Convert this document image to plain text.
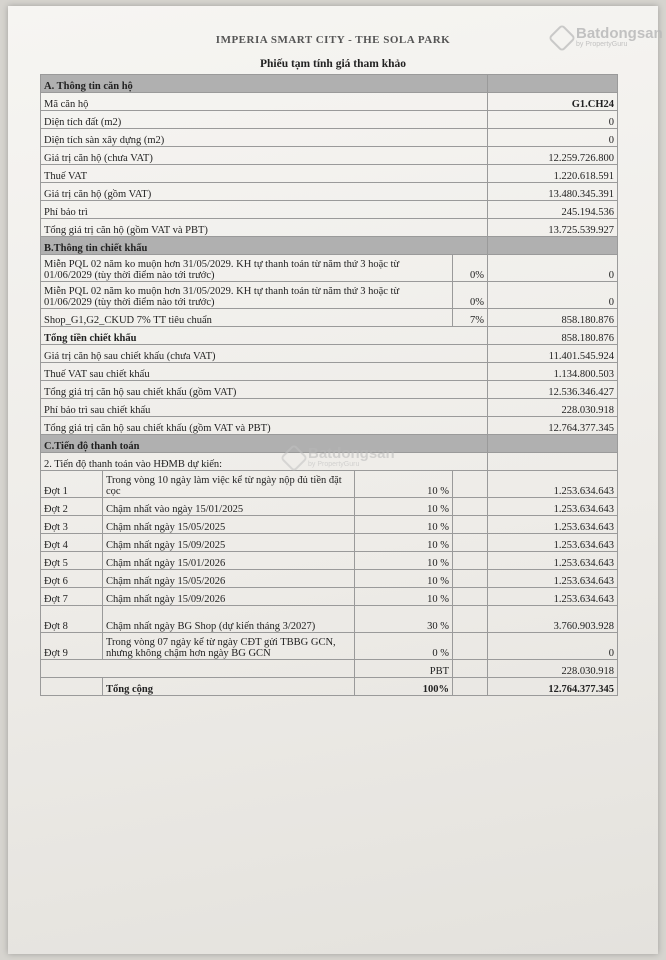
Batdongsan
by PropertyGuru
IMPERIA SMART CITY - THE SOLA PARK
Phiếu tạm tính giá tham khảo
A. Thông tin căn hộ				
Mã căn hộ				G1.CH24
Diện tích đất (m2)				0
Diện tích sàn xây dựng (m2)				0
Giá trị căn hộ (chưa VAT)				12.259.726.800
Thuế VAT				1.220.618.591
Giá trị căn hộ (gồm VAT)				13.480.345.391
Phí bảo trì				245.194.536
Tổng giá trị căn hộ (gồm VAT và PBT)				13.725.539.927
B.Thông tin chiết khấu				
Miễn PQL 02 năm ko muộn hơn 31/05/2029. KH tự thanh toán từ năm thứ 3 hoặc từ 01/06/2029 (tùy thời điểm nào tới trước)			0%	0
Miễn PQL 02 năm ko muộn hơn 31/05/2029. KH tự thanh toán từ năm thứ 3 hoặc từ 01/06/2029 (tùy thời điểm nào tới trước)			0%	0
Shop_G1,G2_CKUD 7% TT tiêu chuẩn			7%	858.180.876
Tổng tiền chiết khấu				858.180.876
Giá trị căn hộ sau chiết khấu (chưa VAT)				11.401.545.924
Thuế VAT sau chiết khấu				1.134.800.503
Tổng giá trị căn hộ sau chiết khấu (gồm VAT)				12.536.346.427
Phí bảo trì sau chiết khấu				228.030.918
Tổng giá trị căn hộ sau chiết khấu (gồm VAT và PBT)				12.764.377.345
C.Tiến độ thanh toán				
2. Tiến độ thanh toán vào HĐMB dự kiến:				
Đợt 1	Trong vòng 10 ngày làm việc kể từ ngày nộp đủ tiền đặt cọc	10 %		1.253.634.643
Đợt 2	Chậm nhất vào ngày 15/01/2025	10 %		1.253.634.643
Đợt 3	Chậm nhất ngày 15/05/2025	10 %		1.253.634.643
Đợt 4	Chậm nhất ngày 15/09/2025	10 %		1.253.634.643
Đợt 5	Chậm nhất ngày 15/01/2026	10 %		1.253.634.643
Đợt 6	Chậm nhất ngày 15/05/2026	10 %		1.253.634.643
Đợt 7	Chậm nhất ngày 15/09/2026	10 %		1.253.634.643
Đợt 8	Chậm nhất ngày BG Shop (dự kiến tháng 3/2027)	30 %		3.760.903.928
Đợt 9	Trong vòng 07 ngày kể từ ngày CĐT gửi TBBG GCN, nhưng không chậm hơn ngày BG GCN	0 %		0
		PBT		228.030.918
	Tổng cộng	100%		12.764.377.345
Batdongsan
by PropertyGuru
